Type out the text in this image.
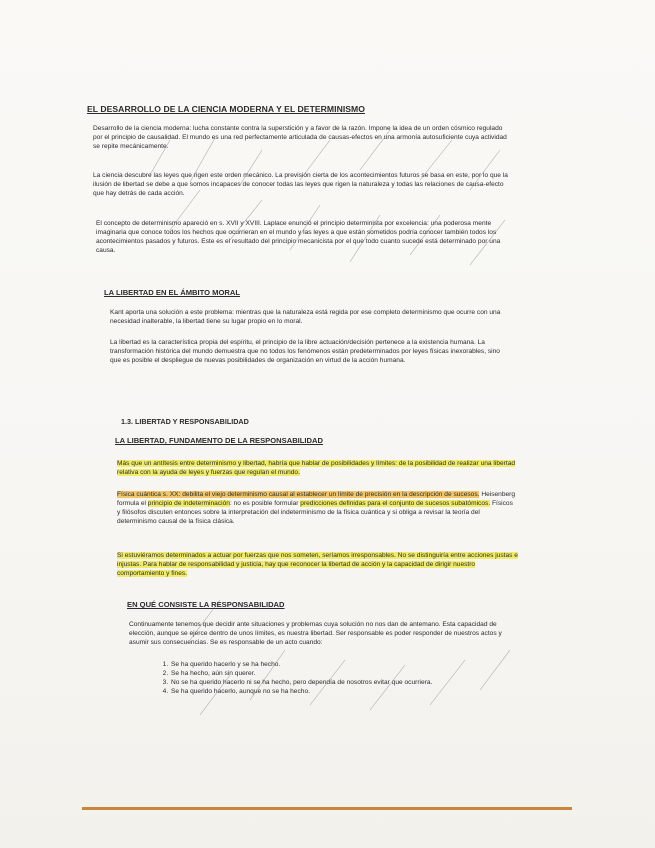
EL DESARROLLO DE LA CIENCIA MODERNA Y EL DETERMINISMO
Desarrollo de la ciencia moderna: lucha constante contra la superstición y a favor de la razón. Impone la idea de un orden cósmico regulado por el principio de causalidad. El mundo es una red perfectamente articulada de causas-efectos en una armonía autosuficiente cuya actividad se repite mecánicamente.
La ciencia descubre las leyes que rigen este orden mecánico. La previsión cierta de los acontecimientos futuros se basa en este, por lo que la ilusión de libertad se debe a que somos incapaces de conocer todas las leyes que rigen la naturaleza y todas las relaciones de causa-efecto que hay detrás de cada acción.
El concepto de determinismo apareció en s. XVII y XVIII. Laplace enunció el principio determinista por excelencia: una poderosa mente imaginaria que conoce todos los hechos que ocurrieran en el mundo y las leyes a que están sometidos podría conocer también todos los acontecimientos pasados y futuros. Este es el resultado del principio mecanicista por el que todo cuanto sucede está determinado por una causa.
LA LIBERTAD EN EL ÁMBITO MORAL
Kant aporta una solución a este problema: mientras que la naturaleza está regida por ese completo determinismo que ocurre con una necesidad inalterable, la libertad tiene su lugar propio en lo moral.
La libertad es la característica propia del espíritu, el principio de la libre actuación/decisión pertenece a la existencia humana. La transformación histórica del mundo demuestra que no todos los fenómenos están predeterminados por leyes físicas inexorables, sino que es posible el despliegue de nuevas posibilidades de organización en virtud de la acción humana.
1.3. LIBERTAD Y RESPONSABILIDAD
LA LIBERTAD, FUNDAMENTO DE LA RESPONSABILIDAD
Más que un antítesis entre determinismo y libertad, habría que hablar de posibilidades y límites: de la posibilidad de realizar una libertad relativa con la ayuda de leyes y fuerzas que regulan el mundo.
Física cuántica s. XX: debilita el viejo determinismo causal al establecer un límite de precisión en la descripción de sucesos. Heisenberg formula el principio de indeterminación: no es posible formular predicciones definidas para el conjunto de sucesos subatómicos. Físicos y filósofos discuten entonces sobre la interpretación del indeterminismo de la física cuántica y si obliga a revisar la teoría del determinismo causal de la física clásica.
Si estuviéramos determinados a actuar por fuerzas que nos someten, seríamos irresponsables. No se distinguiría entre acciones justas e injustas. Para hablar de responsabilidad y justicia, hay que reconocer la libertad de acción y la capacidad de dirigir nuestro comportamiento y fines.
EN QUÉ CONSISTE LA RESPONSABILIDAD
Continuamente tenemos que decidir ante situaciones y problemas cuya solución no nos dan de antemano. Esta capacidad de elección, aunque se ejerce dentro de unos límites, es nuestra libertad. Ser responsable es poder responder de nuestros actos y asumir sus consecuencias. Se es responsable de un acto cuando:
1. Se ha querido hacerlo y se ha hecho.
2. Se ha hecho, aún sin querer.
3. No se ha querido hacerlo ni se ha hecho, pero dependía de nosotros evitar que ocurriera.
4. Se ha querido hacerlo, aunque no se ha hecho.
